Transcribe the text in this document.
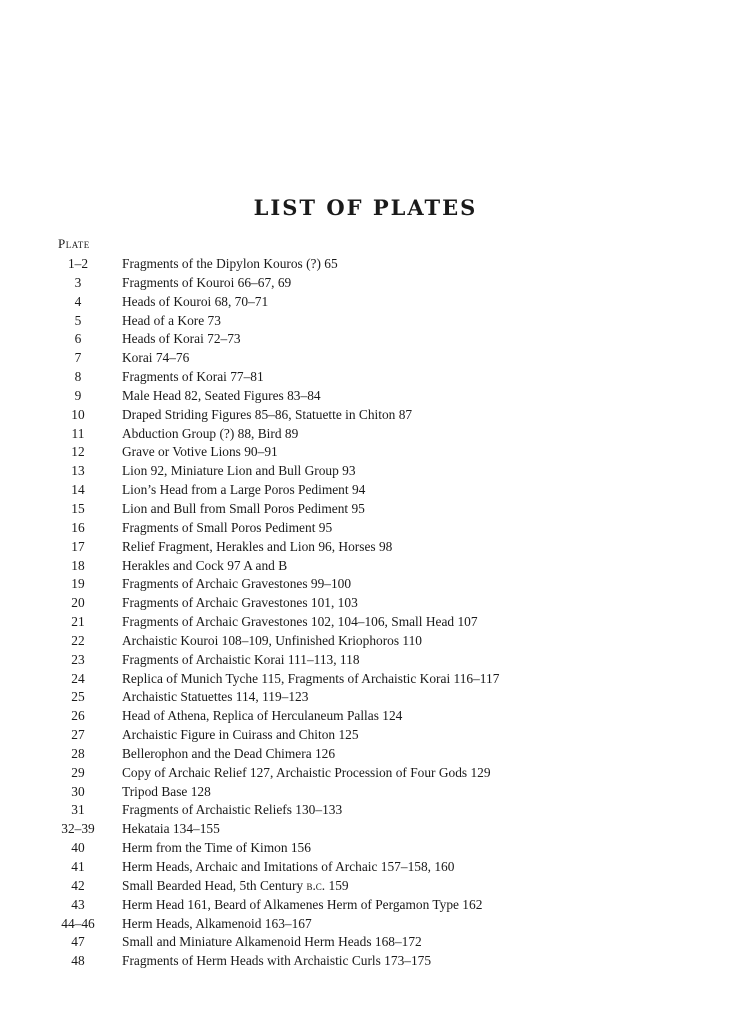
LIST OF PLATES
Plate
1–2	Fragments of the Dipylon Kouros (?) 65
3	Fragments of Kouroi 66–67, 69
4	Heads of Kouroi 68, 70–71
5	Head of a Kore 73
6	Heads of Korai 72–73
7	Korai 74–76
8	Fragments of Korai 77–81
9	Male Head 82, Seated Figures 83–84
10	Draped Striding Figures 85–86, Statuette in Chiton 87
11	Abduction Group (?) 88, Bird 89
12	Grave or Votive Lions 90–91
13	Lion 92, Miniature Lion and Bull Group 93
14	Lion’s Head from a Large Poros Pediment 94
15	Lion and Bull from Small Poros Pediment 95
16	Fragments of Small Poros Pediment 95
17	Relief Fragment, Herakles and Lion 96, Horses 98
18	Herakles and Cock 97 A and B
19	Fragments of Archaic Gravestones 99–100
20	Fragments of Archaic Gravestones 101, 103
21	Fragments of Archaic Gravestones 102, 104–106, Small Head 107
22	Archaistic Kouroi 108–109, Unfinished Kriophoros 110
23	Fragments of Archaistic Korai 111–113, 118
24	Replica of Munich Tyche 115, Fragments of Archaistic Korai 116–117
25	Archaistic Statuettes 114, 119–123
26	Head of Athena, Replica of Herculaneum Pallas 124
27	Archaistic Figure in Cuirass and Chiton 125
28	Bellerophon and the Dead Chimera 126
29	Copy of Archaic Relief 127, Archaistic Procession of Four Gods 129
30	Tripod Base 128
31	Fragments of Archaistic Reliefs 130–133
32–39	Hekataia 134–155
40	Herm from the Time of Kimon 156
41	Herm Heads, Archaic and Imitations of Archaic 157–158, 160
42	Small Bearded Head, 5th Century b.c. 159
43	Herm Head 161, Beard of Alkamenes Herm of Pergamon Type 162
44–46	Herm Heads, Alkamenoid 163–167
47	Small and Miniature Alkamenoid Herm Heads 168–172
48	Fragments of Herm Heads with Archaistic Curls 173–175
